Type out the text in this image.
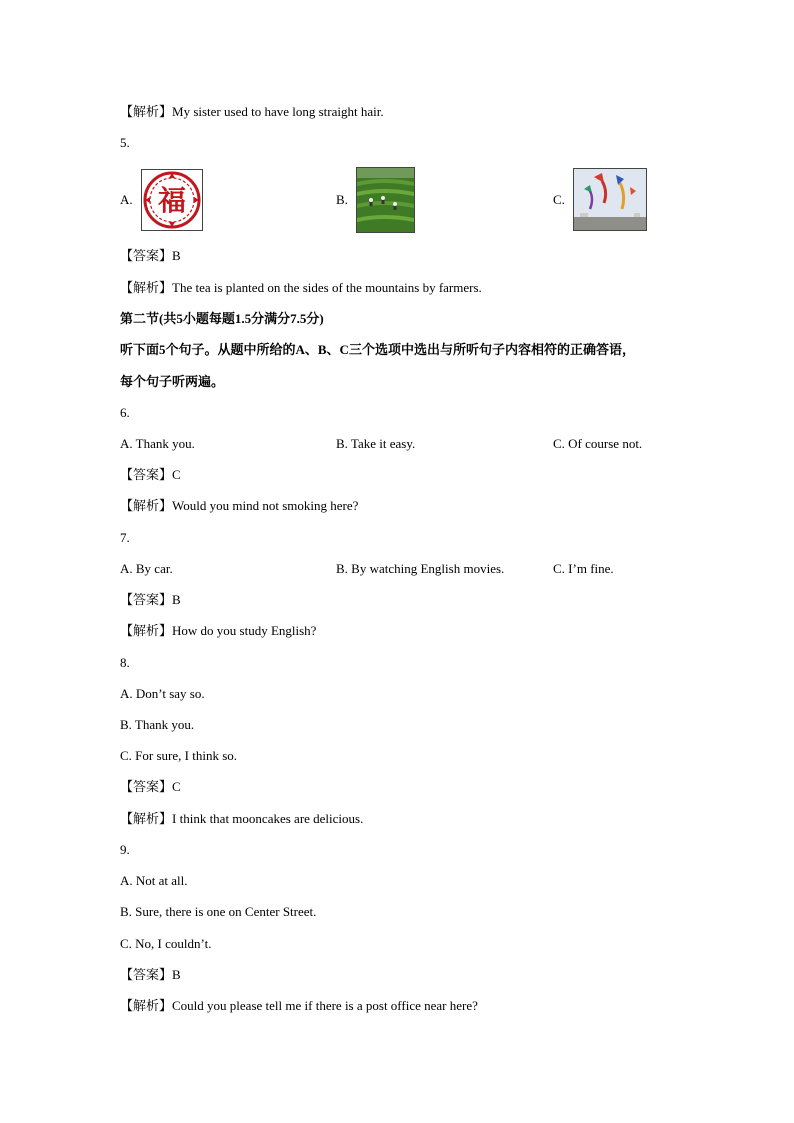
【解析】My sister used to have long straight hair.
5.
A. 福	B.	C.
【答案】B
【解析】The tea is planted on the sides of the mountains by farmers.
第二节(共5小题每题1.5分满分7.5分)
听下面5个句子。从题中所给的A、B、C三个选项中选出与所听句子内容相符的正确答语，
每个句子听两遍。
6.
A. Thank you.	B. Take it easy.	C. Of course not.
【答案】C
【解析】Would you mind not smoking here?
7.
A. By car.	B. By watching English movies.	C. I’m fine.
【答案】B
【解析】How do you study English?
8.
A. Don’t say so.
B. Thank you.
C. For sure, I think so.
【答案】C
【解析】I think that mooncakes are delicious.
9.
A. Not at all.
B. Sure, there is one on Center Street.
C. No, I couldn’t.
【答案】B
【解析】Could you please tell me if there is a post office near here?
